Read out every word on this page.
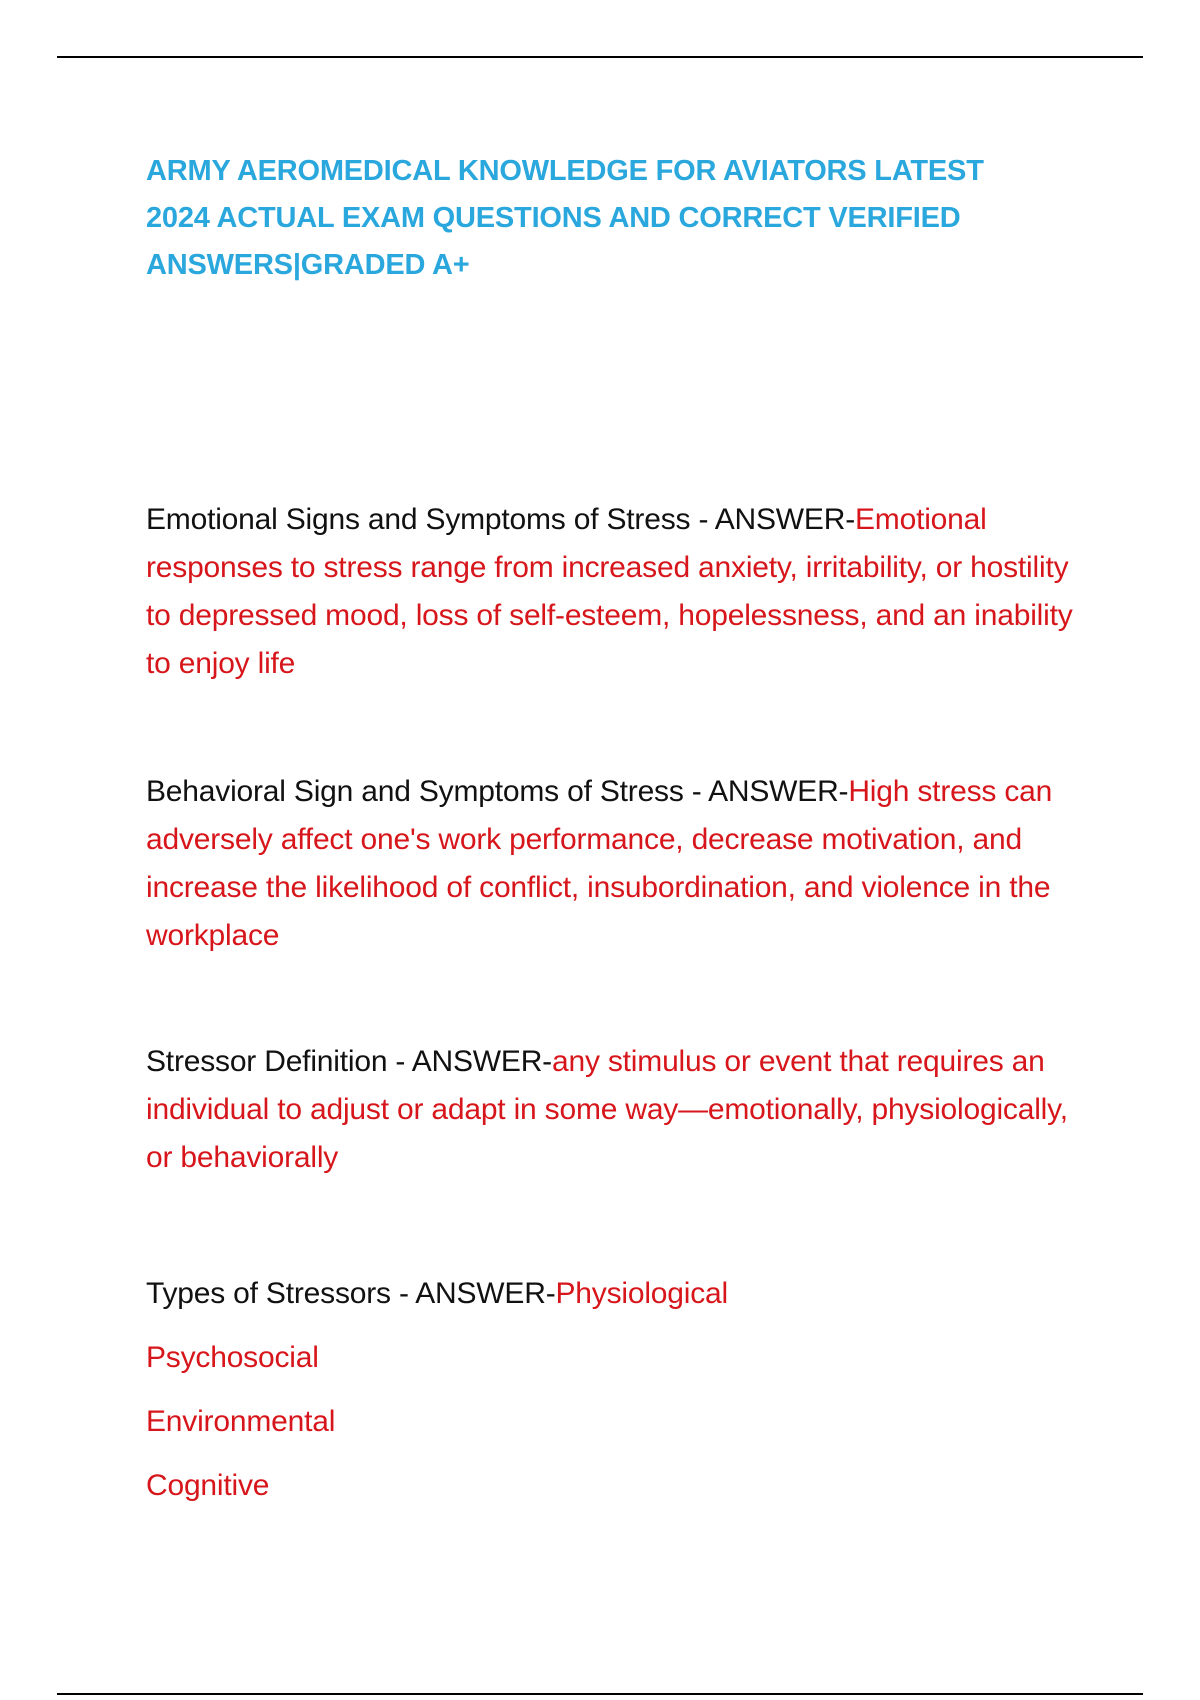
ARMY AEROMEDICAL KNOWLEDGE FOR AVIATORS LATEST 2024 ACTUAL EXAM QUESTIONS AND CORRECT VERIFIED ANSWERS|GRADED A+

Emotional Signs and Symptoms of Stress - ANSWER-Emotional responses to stress range from increased anxiety, irritability, or hostility to depressed mood, loss of self-esteem, hopelessness, and an inability to enjoy life

Behavioral Sign and Symptoms of Stress - ANSWER-High stress can adversely affect one's work performance, decrease motivation, and increase the likelihood of conflict, insubordination, and violence in the workplace

Stressor Definition - ANSWER-any stimulus or event that requires an individual to adjust or adapt in some way—emotionally, physiologically, or behaviorally

Types of Stressors - ANSWER-Physiological
Psychosocial
Environmental
Cognitive
